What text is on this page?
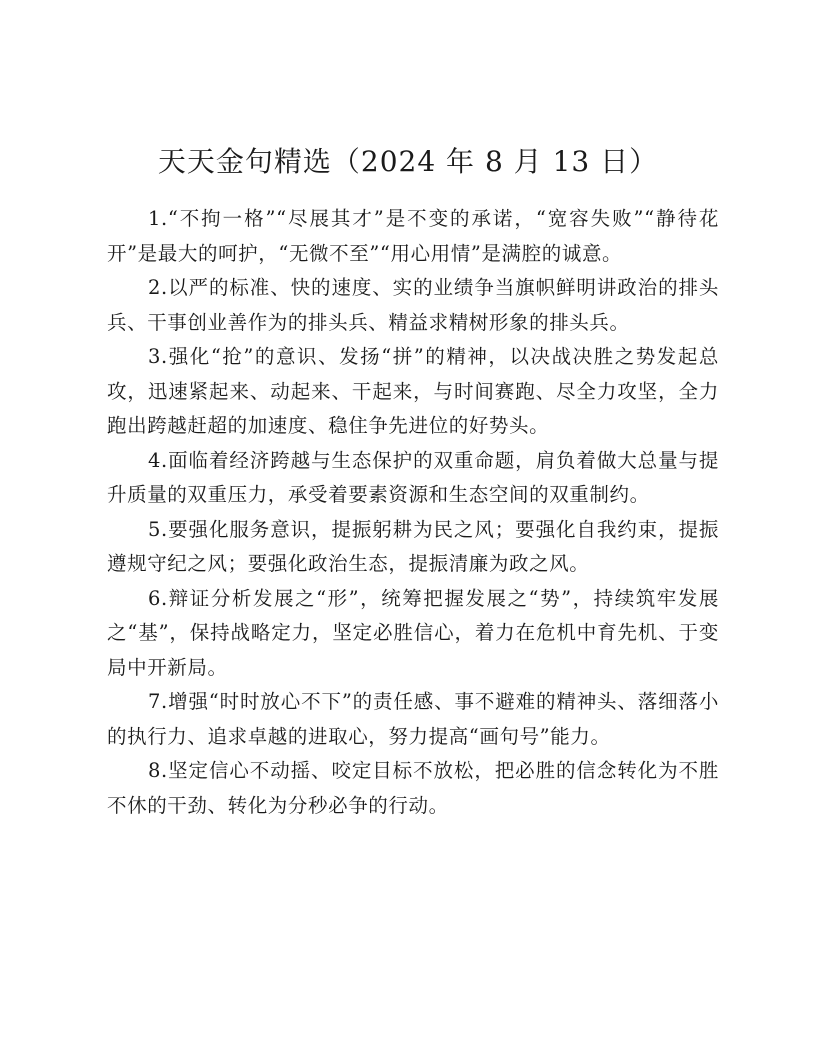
天天金句精选（2024 年 8 月 13 日）

1.“不拘一格”“尽展其才”是不变的承诺，“宽容失败”“静待花开”是最大的呵护，“无微不至”“用心用情”是满腔的诚意。

2.以严的标准、快的速度、实的业绩争当旗帜鲜明讲政治的排头兵、干事创业善作为的排头兵、精益求精树形象的排头兵。

3.强化“抢”的意识、发扬“拼”的精神，以决战决胜之势发起总攻，迅速紧起来、动起来、干起来，与时间赛跑、尽全力攻坚，全力跑出跨越赶超的加速度、稳住争先进位的好势头。

4.面临着经济跨越与生态保护的双重命题，肩负着做大总量与提升质量的双重压力，承受着要素资源和生态空间的双重制约。

5.要强化服务意识，提振躬耕为民之风；要强化自我约束，提振遵规守纪之风；要强化政治生态，提振清廉为政之风。

6.辩证分析发展之“形”，统筹把握发展之“势”，持续筑牢发展之“基”，保持战略定力，坚定必胜信心，着力在危机中育先机、于变局中开新局。

7.增强“时时放心不下”的责任感、事不避难的精神头、落细落小的执行力、追求卓越的进取心，努力提高“画句号”能力。

8.坚定信心不动摇、咬定目标不放松，把必胜的信念转化为不胜不休的干劲、转化为分秒必争的行动。
